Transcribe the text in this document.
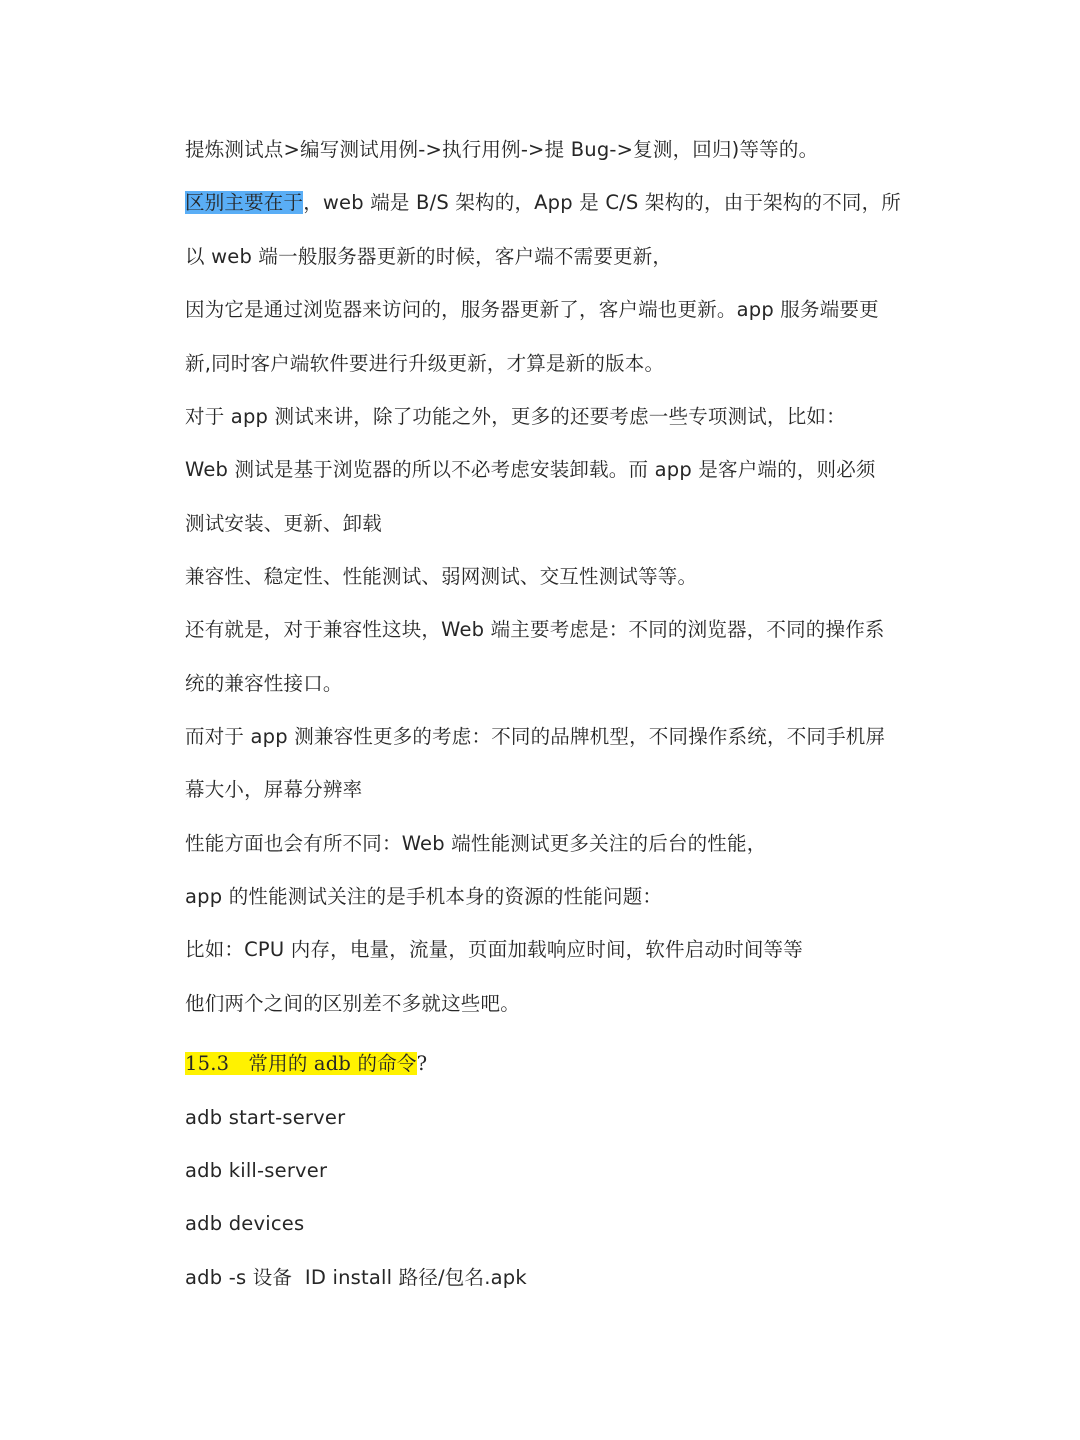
提炼测试点>编写测试用例->执行用例->提 Bug->复测，回归)等等的。
区别主要在于，web 端是 B/S 架构的，App 是 C/S 架构的，由于架构的不同，所
以 web 端一般服务器更新的时候，客户端不需要更新，
因为它是通过浏览器来访问的，服务器更新了，客户端也更新。app 服务端要更
新,同时客户端软件要进行升级更新，才算是新的版本。
对于 app 测试来讲，除了功能之外，更多的还要考虑一些专项测试，比如：
Web 测试是基于浏览器的所以不必考虑安装卸载。而 app 是客户端的，则必须
测试安装、更新、卸载
兼容性、稳定性、性能测试、弱网测试、交互性测试等等。
还有就是，对于兼容性这块，Web 端主要考虑是：不同的浏览器，不同的操作系
统的兼容性接口。
而对于 app 测兼容性更多的考虑：不同的品牌机型，不同操作系统，不同手机屏
幕大小，屏幕分辨率
性能方面也会有所不同：Web 端性能测试更多关注的后台的性能，
app 的性能测试关注的是手机本身的资源的性能问题：
比如：CPU 内存，电量，流量，页面加载响应时间，软件启动时间等等
他们两个之间的区别差不多就这些吧。
15.3 常用的 adb 的命令?
adb start-server
adb kill-server
adb devices
adb -s 设备  ID install 路径/包名.apk
